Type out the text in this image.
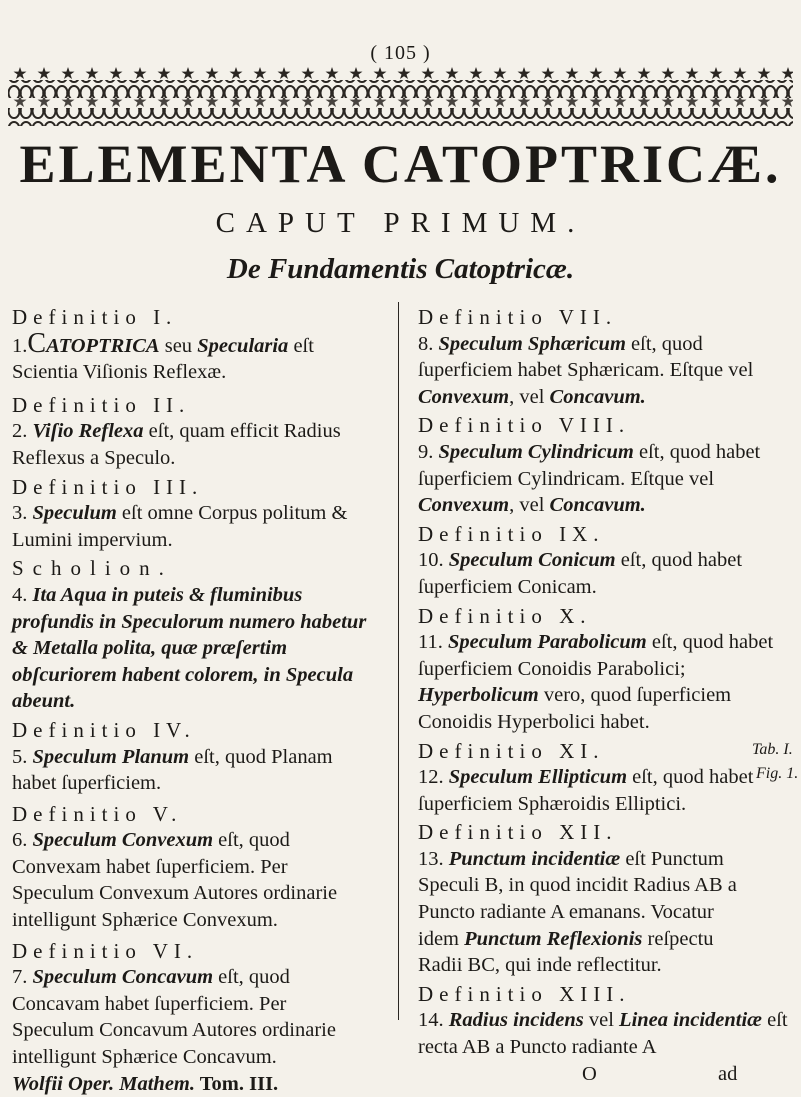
( 105 )
ELEMENTA CATOPTRICÆ.
CAPUT PRIMUM.
De Fundamentis Catoptricæ.
Definitio I.
1.CATOPTRICA seu Specularia eſt Scientia Viſionis Reflexæ.
Definitio II.
2. Viſio Reflexa eſt, quam efficit Radius Reflexus a Speculo.
Definitio III.
3. Speculum eſt omne Corpus politum & Lumini impervium.
Scholion.
4. Ita Aqua in puteis & fluminibus profundis in Speculorum numero habetur & Metalla polita, quæ præſertim obſcuriorem habent colorem, in Specula abeunt.
Definitio IV.
5. Speculum Planum eſt, quod Planam habet ſuperficiem.
Definitio V.
6. Speculum Convexum eſt, quod Convexam habet ſuperficiem. Per Speculum Convexum Autores ordinarie intelligunt Sphærice Convexum.
Definitio VI.
7. Speculum Concavum eſt, quod Concavam habet ſuperficiem. Per Speculum Concavum Autores ordinarie intelligunt Sphærice Concavum.
Wolfii Oper. Mathem. Tom. III.
Definitio VII.
8. Speculum Sphæricum eſt, quod ſuperficiem habet Sphæricam. Eſtque vel Convexum, vel Concavum.
Definitio VIII.
9. Speculum Cylindricum eſt, quod habet ſuperficiem Cylindricam. Eſtque vel Convexum, vel Concavum.
Definitio IX.
10. Speculum Conicum eſt, quod habet ſuperficiem Conicam.
Definitio X.
11. Speculum Parabolicum eſt, quod habet ſuperficiem Conoidis Parabolici; Hyperbolicum vero, quod ſuperficiem Conoidis Hyperbolici habet.
Definitio XI.
12. Speculum Ellipticum eſt, quod habet ſuperficiem Sphæroidis Elliptici.
Definitio XII.
13. Punctum incidentiæ eſt Punctum Speculi B, in quod incidit Radius AB a Puncto radiante A emanans. Vocatur idem Punctum Reflexionis reſpectu Radii BC, qui inde reflectitur.
Definitio XIII.
14. Radius incidens vel Linea incidentiæ eſt recta AB a Puncto radiante A
O	ad
Tab. I.
Fig. 1.
